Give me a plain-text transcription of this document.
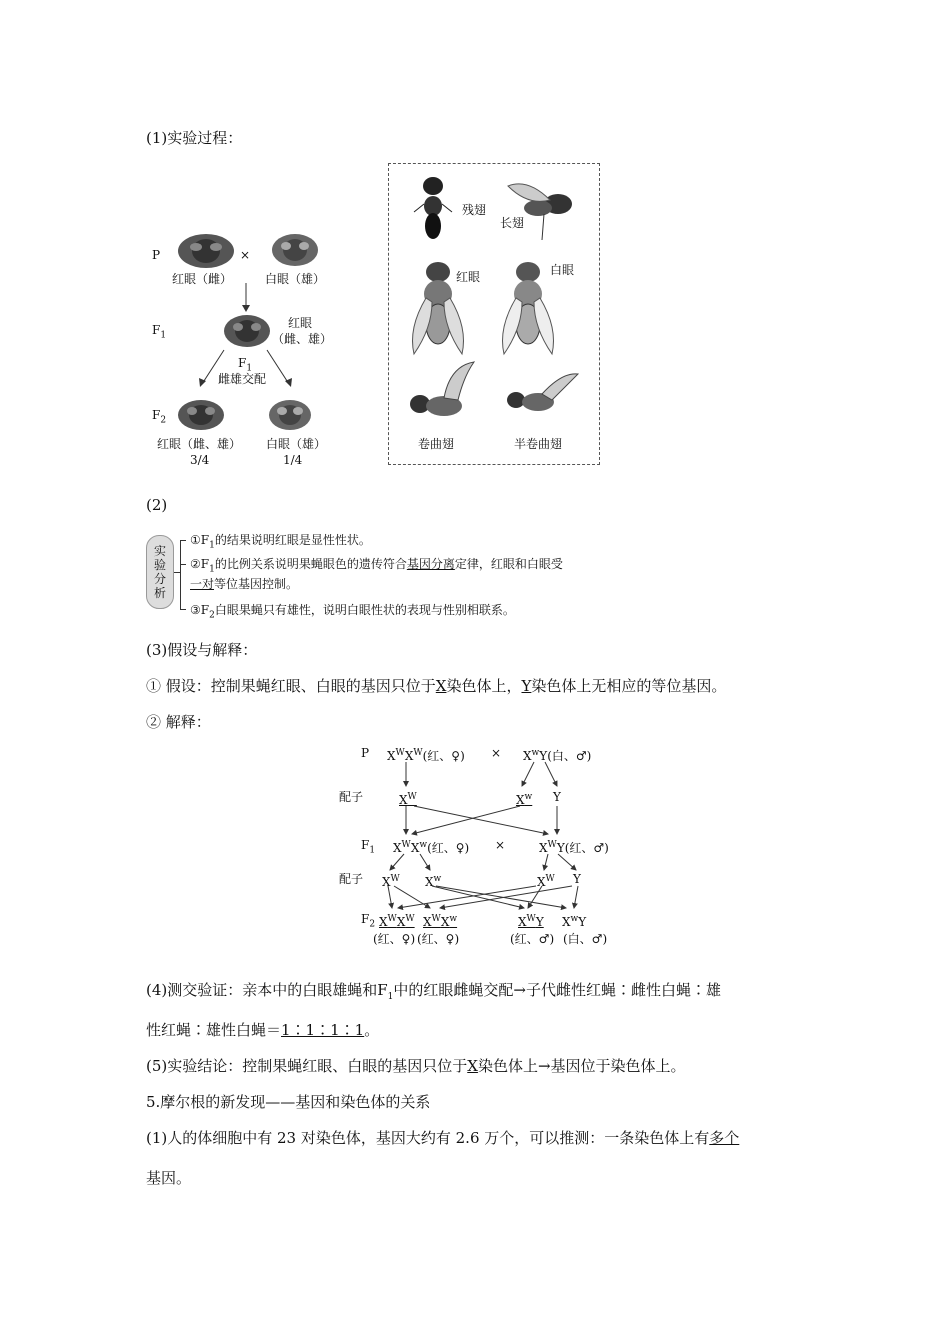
(1)实验过程：
P	×
红眼（雌）	白眼（雄）
$F_1$
红眼
（雌、雄）
$F_1$
雌雄交配
$F_2$
红眼（雌、雄）
3/4
白眼（雄）
1/4
残翅
长翅
红眼	白眼
卷曲翅	半卷曲翅
(2)
实
验
分
析
$①F_1$的结果说明红眼是显性性状。
$②F_1$的比例关系说明果蝇眼色的遗传符合基因分离定律，红眼和白眼受
一对等位基因控制。
$③F_2$白眼果蝇只有雄性，说明白眼性状的表现与性别相联系。
(3)假设与解释：
① 假设：控制果蝇红眼、白眼的基因只位于X染色体上，Y染色体上无相应的等位基因。
② 解释：
P $X^WX^W$(红、♀) × $X^wY$(白、♂)
配子	$X^W$	$X^w$ Y
$F_1$ $X^WX^w$(红、♀) ×	$X^WY$(红、♂)
配子 $X^W$ $X^w$	$X^W$ Y
$F_2$ $X^WX^W$ $X^WX^w$	$X^WY$ $X^wY$
(红、♀) (红、♀)	(红、♂) (白、♂)
(4)测交验证：亲本中的白眼雄蝇和$F_1$中的红眼雌蝇交配→子代雌性红蝇∶雌性白蝇∶雄
性红蝇∶雄性白蝇＝1∶1∶1∶1。
(5)实验结论：控制果蝇红眼、白眼的基因只位于X染色体上→基因位于染色体上。
5.摩尔根的新发现——基因和染色体的关系
(1)人的体细胞中有 23 对染色体，基因大约有 2.6 万个，可以推测：一条染色体上有多个
基因。
